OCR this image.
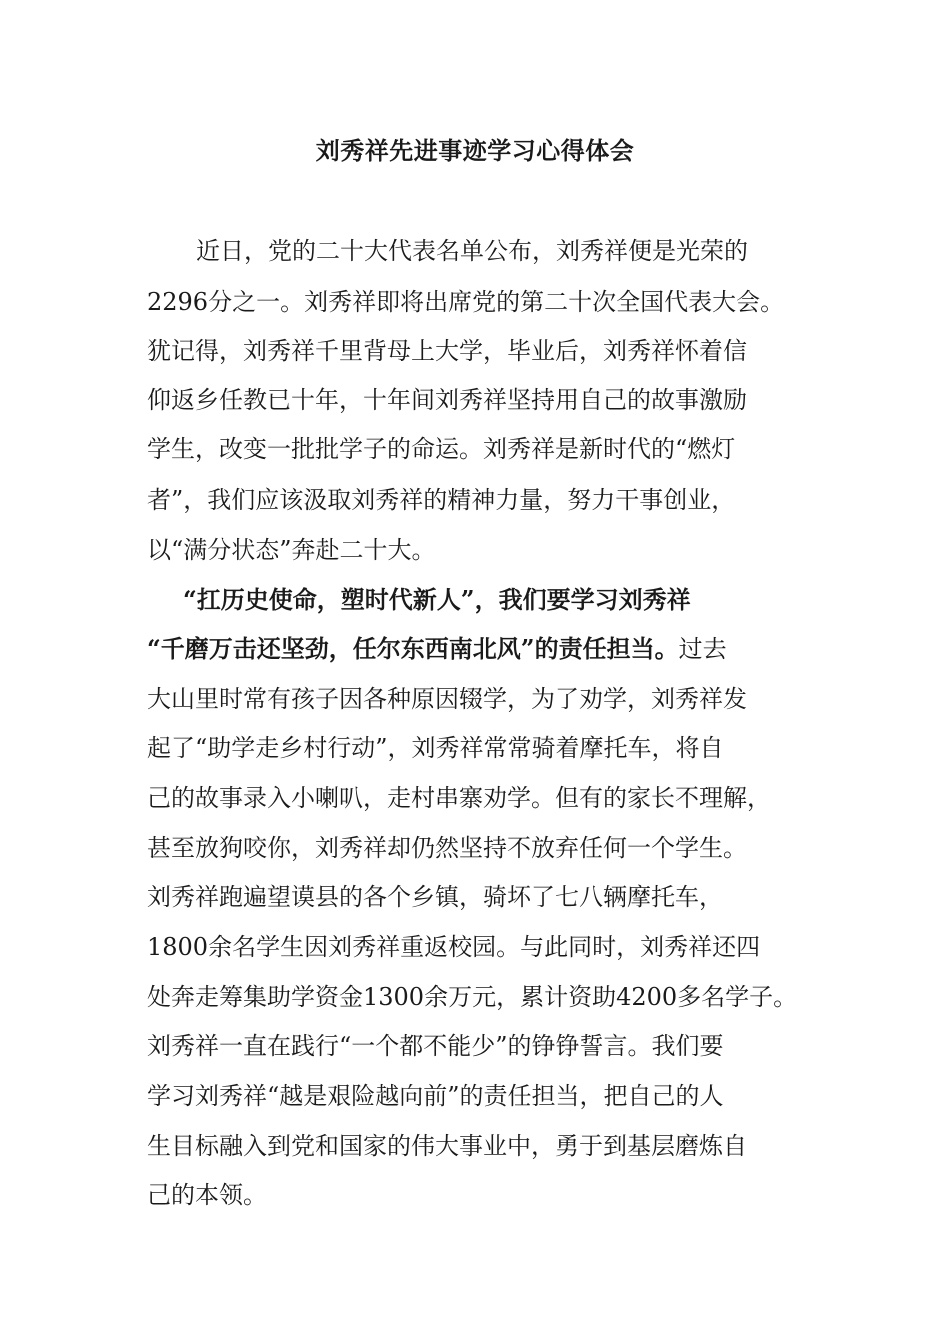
刘秀祥先进事迹学习心得体会
近日，党的二十大代表名单公布，刘秀祥便是光荣的
2296分之一。刘秀祥即将出席党的第二十次全国代表大会。
犹记得，刘秀祥千里背母上大学，毕业后，刘秀祥怀着信
仰返乡任教已十年，十年间刘秀祥坚持用自己的故事激励
学生，改变一批批学子的命运。刘秀祥是新时代的“燃灯
者”，我们应该汲取刘秀祥的精神力量，努力干事创业，
以“满分状态”奔赴二十大。
“扛历史使命，塑时代新人”，我们要学习刘秀祥
“千磨万击还坚劲，任尔东西南北风”的责任担当。过去
大山里时常有孩子因各种原因辍学，为了劝学，刘秀祥发
起了“助学走乡村行动”，刘秀祥常常骑着摩托车，将自
己的故事录入小喇叭，走村串寨劝学。但有的家长不理解，
甚至放狗咬你，刘秀祥却仍然坚持不放弃任何一个学生。
刘秀祥跑遍望谟县的各个乡镇，骑坏了七八辆摩托车，
1800余名学生因刘秀祥重返校园。与此同时，刘秀祥还四
处奔走筹集助学资金1300余万元，累计资助4200多名学子。
刘秀祥一直在践行“一个都不能少”的铮铮誓言。我们要
学习刘秀祥“越是艰险越向前”的责任担当，把自己的人
生目标融入到党和国家的伟大事业中，勇于到基层磨炼自
己的本领。
